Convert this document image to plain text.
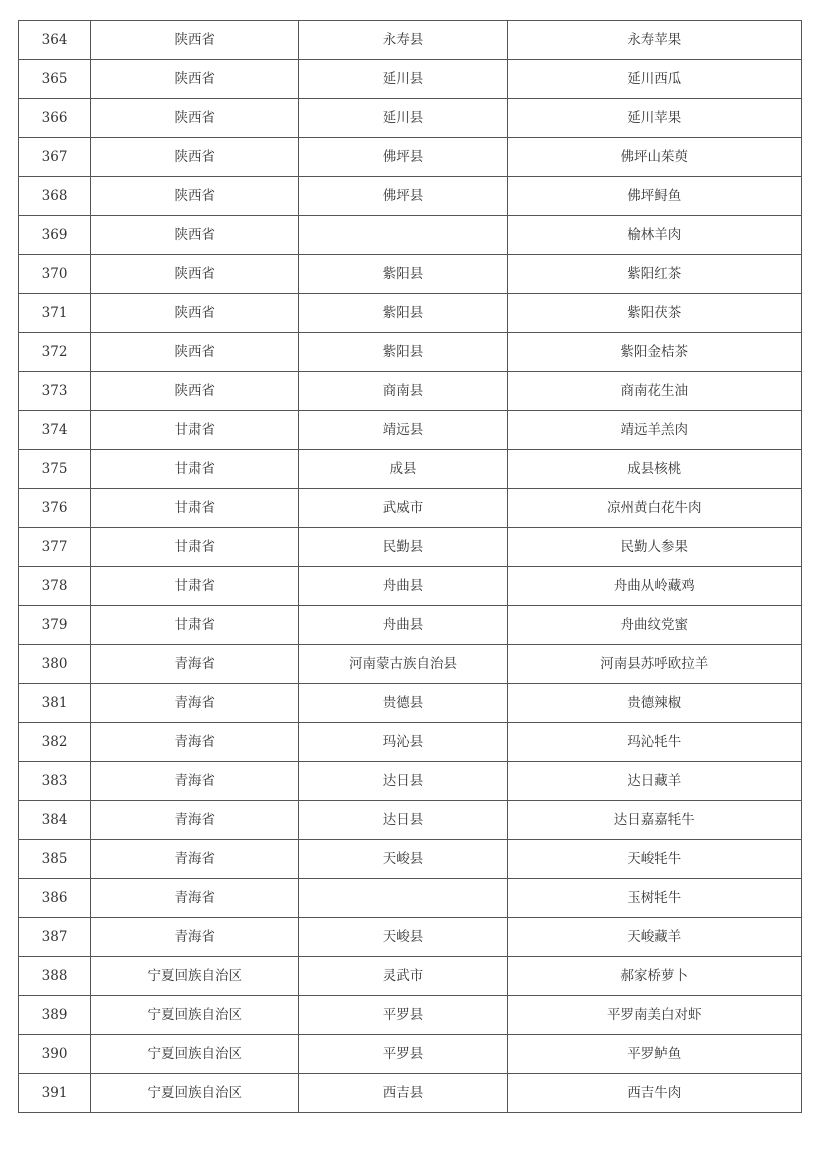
364	陕西省	永寿县	永寿苹果
365	陕西省	延川县	延川西瓜
366	陕西省	延川县	延川苹果
367	陕西省	佛坪县	佛坪山茱萸
368	陕西省	佛坪县	佛坪鲟鱼
369	陕西省		榆林羊肉
370	陕西省	紫阳县	紫阳红茶
371	陕西省	紫阳县	紫阳茯茶
372	陕西省	紫阳县	紫阳金桔茶
373	陕西省	商南县	商南花生油
374	甘肃省	靖远县	靖远羊羔肉
375	甘肃省	成县	成县核桃
376	甘肃省	武威市	凉州黄白花牛肉
377	甘肃省	民勤县	民勤人参果
378	甘肃省	舟曲县	舟曲从岭藏鸡
379	甘肃省	舟曲县	舟曲纹党蜜
380	青海省	河南蒙古族自治县	河南县苏呼欧拉羊
381	青海省	贵德县	贵德辣椒
382	青海省	玛沁县	玛沁牦牛
383	青海省	达日县	达日藏羊
384	青海省	达日县	达日嘉嘉牦牛
385	青海省	天峻县	天峻牦牛
386	青海省		玉树牦牛
387	青海省	天峻县	天峻藏羊
388	宁夏回族自治区	灵武市	郝家桥萝卜
389	宁夏回族自治区	平罗县	平罗南美白对虾
390	宁夏回族自治区	平罗县	平罗鲈鱼
391	宁夏回族自治区	西吉县	西吉牛肉
